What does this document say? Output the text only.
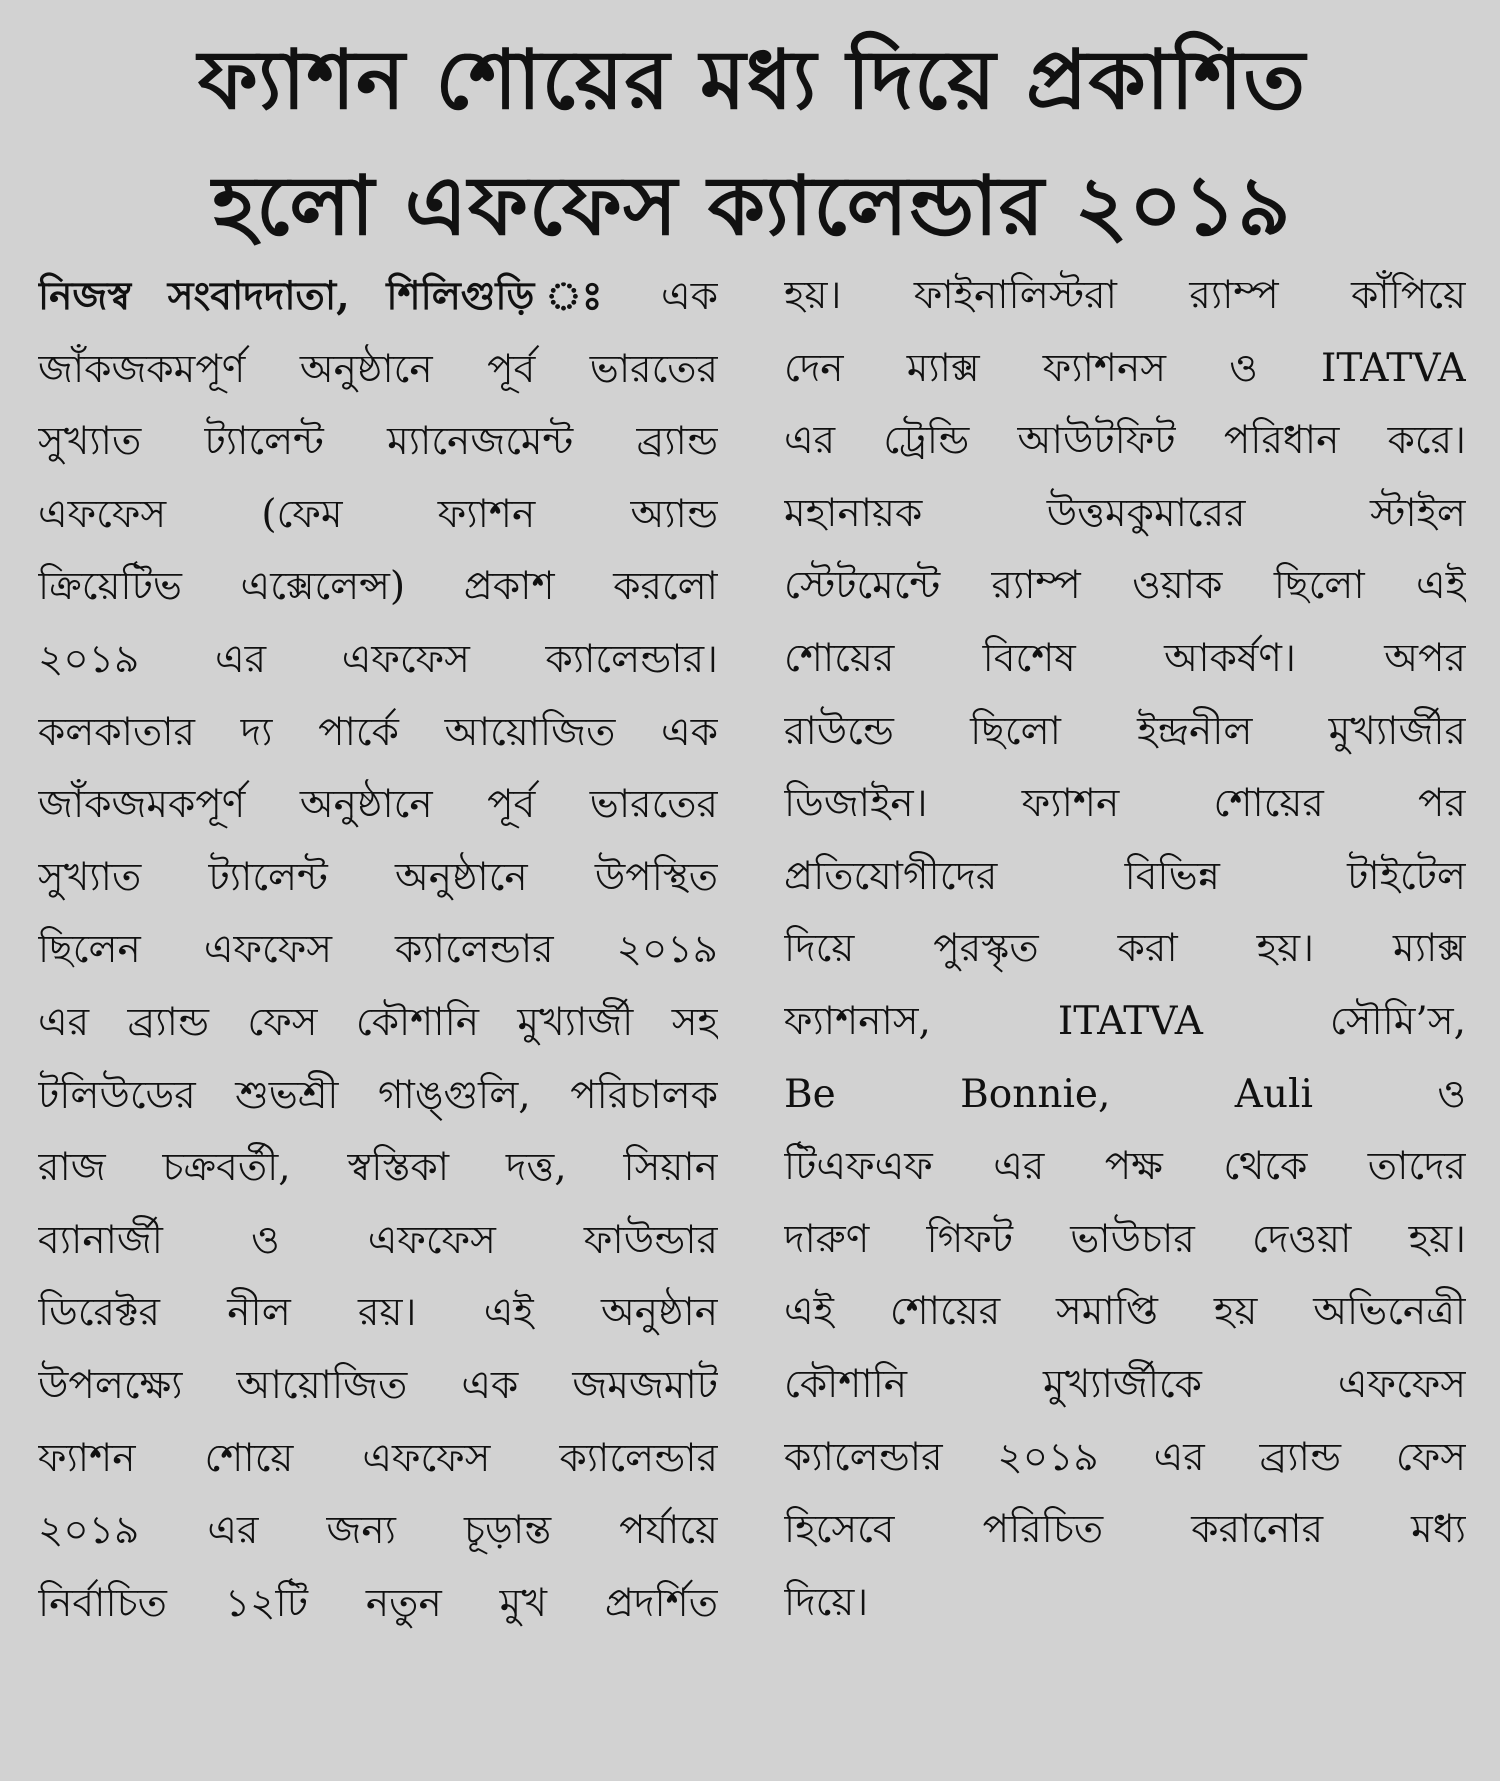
ফ্যাশন শোয়ের মধ্য দিয়ে প্রকাশিত
হলো এফফেস ক্যালেন্ডার ২০১৯

নিজস্ব সংবাদদাতা, শিলিগুড়ি ঃ এক

জাঁকজকমপূর্ণ অনুষ্ঠানে পূর্ব ভারতের

সুখ্যাত ট্যালেন্ট ম্যানেজমেন্ট ব্র্যান্ড

এফফেস (ফেম ফ্যাশন অ্যান্ড

ক্রিয়েটিভ এক্সেলেন্স) প্রকাশ করলো

২০১৯ এর এফফেস ক্যালেন্ডার।

কলকাতার দ্য পার্কে আয়োজিত এক

জাঁকজমকপূর্ণ অনুষ্ঠানে পূর্ব ভারতের

সুখ্যাত ট্যালেন্ট অনুষ্ঠানে উপস্থিত

ছিলেন এফফেস ক্যালেন্ডার ২০১৯

এর ব্র্যান্ড ফেস কৌশানি মুখ্যার্জী সহ

টলিউডের শুভশ্রী গাঙ্গুলি, পরিচালক

রাজ চক্রবর্তী, স্বস্তিকা দত্ত, সিয়ান

ব্যানার্জী ও এফফেস ফাউন্ডার

ডিরেক্টর নীল রয়। এই অনুষ্ঠান

উপলক্ষ্যে আয়োজিত এক জমজমাট

ফ্যাশন শোয়ে এফফেস ক্যালেন্ডার

২০১৯ এর জন্য চূড়ান্ত পর্যায়ে

নির্বাচিত ১২টি নতুন মুখ প্রদর্শিত

হয়। ফাইনালিস্টরা র‍্যাম্প কাঁপিয়ে

দেন ম্যাক্স ফ্যাশনস ও ITATVA

এর ট্রেন্ডি আউটফিট পরিধান করে।

মহানায়ক উত্তমকুমারের স্টাইল

স্টেটমেন্টে র‍্যাম্প ওয়াক ছিলো এই

শোয়ের বিশেষ আকর্ষণ। অপর

রাউন্ডে ছিলো ইন্দ্রনীল মুখ্যার্জীর

ডিজাইন। ফ্যাশন শোয়ের পর

প্রতিযোগীদের বিভিন্ন টাইটেল

দিয়ে পুরস্কৃত করা হয়। ম্যাক্স

ফ্যাশনাস, ITATVA সৌমি’স,

Be Bonnie, Auli ও

টিএফএফ এর পক্ষ থেকে তাদের

দারুণ গিফট ভাউচার দেওয়া হয়।

এই শোয়ের সমাপ্তি হয় অভিনেত্রী

কৌশানি মুখ্যার্জীকে এফফেস

ক্যালেন্ডার ২০১৯ এর ব্র্যান্ড ফেস

হিসেবে পরিচিত করানোর মধ্য

দিয়ে।
